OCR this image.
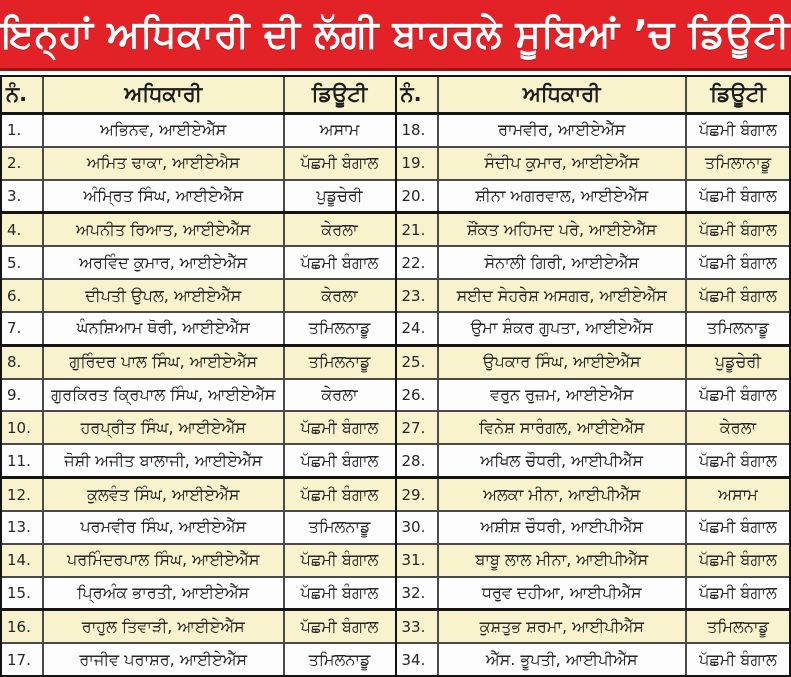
ਇਨ੍ਹਾਂ ਅਧਿਕਾਰੀ ਦੀ ਲੱਗੀ ਬਾਹਰਲੇ ਸੂਬਿਆਂ ’ਚ ਡਿਊਟੀ
ਨੰ.	ਅਧਿਕਾਰੀ	ਡਿਊਟੀ
1.	ਅਭਿਨਵ, ਆਈਏਐੱਸ	ਅਸਾਮ
2.	ਅਮਿਤ ਢਾਕਾ, ਆਈਏਐਸ	ਪੱਛਮੀ ਬੰਗਾਲ
3.	ਅੰਮ੍ਰਿਤ ਸਿੰਘ, ਆਈਏਐੱਸ	ਪੁਡੂਚੇਰੀ
4.	ਅਪਨੀਤ ਰਿਆਤ, ਆਈਏਐੱਸ	ਕੇਰਲਾ
5.	ਅਰਵਿੰਦ ਕੁਮਾਰ, ਆਈਏਐੱਸ	ਪੱਛਮੀ ਬੰਗਾਲ
6.	ਦੀਪਤੀ ਉਪਲ, ਆਈਏਐੱਸ	ਕੇਰਲਾ
7.	ਘੰਨਸ਼ਿਆਮ ਥੋਰੀ, ਆਈਏਐੱਸ	ਤਮਿਲਨਾਡੂ
8.	ਗੁਰਿੰਦਰ ਪਾਲ ਸਿੰਘ, ਆਈਏਐੱਸ	ਤਮਿਲਨਾਡੂ
9.	ਗੁਰਕਿਰਤ ਕ੍ਰਿਪਾਲ ਸਿੰਘ, ਆਈਏਐੱਸ	ਕੇਰਲਾ
10.	ਹਰਪ੍ਰੀਤ ਸਿੰਘ, ਆਈਏਐੱਸ	ਪੱਛਮੀ ਬੰਗਾਲ
11.	ਜੋਸ਼ੀ ਅਜੀਤ ਬਾਲਾਜੀ, ਆਈਏਐੱਸ	ਪੱਛਮੀ ਬੰਗਾਲ
12.	ਕੁਲਵੰਤ ਸਿੰਘ, ਆਈਏਐੱਸ	ਪੱਛਮੀ ਬੰਗਾਲ
13.	ਪਰਮਵੀਰ ਸਿੰਘ, ਆਈਏਐੱਸ	ਤਮਿਲਨਾਡੂ
14.	ਪਰਮਿੰਦਰਪਾਲ ਸਿੰਘ, ਆਈਏਐੱਸ	ਪੱਛਮੀ ਬੰਗਾਲ
15.	ਪ੍ਰਿਅੰਕ ਭਾਰਤੀ, ਆਈਏਐੱਸ	ਪੱਛਮੀ ਬੰਗਾਲ
16.	ਰਾਹੁਲ ਤਿਵਾੜੀ, ਆਈਏਐੱਸ	ਪੱਛਮੀ ਬੰਗਾਲ
17.	ਰਾਜੀਵ ਪਰਾਸ਼ਰ, ਆਈਏਐੱਸ	ਤਮਿਲਨਾਡੂ
ਨੰ.	ਅਧਿਕਾਰੀ	ਡਿਊਟੀ
18.	ਰਾਮਵੀਰ, ਆਈਏਐੱਸ	ਪੱਛਮੀ ਬੰਗਾਲ
19.	ਸੰਦੀਪ ਕੁਮਾਰ, ਆਈਏਐੱਸ	ਤਮਿਲਾਨਾਡੂ
20.	ਸ਼ੀਨਾ ਅਗਰਵਾਲ, ਆਈਏਐੱਸ	ਪੱਛਮੀ ਬੰਗਾਲ
21.	ਸ਼ੌਂਕਤ ਅਹਿਮਦ ਪਰੇ, ਆਈਏਐੱਸ	ਪੱਛਮੀ ਬੰਗਾਲ
22.	ਸੋਨਾਲੀ ਗਿਰੀ, ਆਈਏਐੱਸ	ਪੱਛਮੀ ਬੰਗਾਲ
23.	ਸਈਦ ਸੇਹਰੇਸ਼ ਅਸਗਰ, ਆਈਏਐੱਸ	ਪੱਛਮੀ ਬੰਗਾਲ
24.	ਉਮਾ ਸ਼ੰਕਰ ਗੁਪਤਾ, ਆਈਏਐੱਸ	ਤਮਿਲਨਾਡੂ
25.	ਉਪਕਾਰ ਸਿੰਘ, ਆਈਏਐੱਸ	ਪੁਡੂਚੇਰੀ
26.	ਵਰੁਨ ਰੁਜ਼ਮ, ਆਈਏਐੱਸ	ਪੱਛਮੀ ਬੰਗਾਲ
27.	ਵਿਨੇਸ਼ ਸਾਰੰਗਲ, ਆਈਏਐੱਸ	ਕੇਰਲਾ
28.	ਅਖਿਲ ਚੌਧਰੀ, ਆਈਪੀਐੱਸ	ਪੱਛਮੀ ਬੰਗਾਲ
29.	ਅਲਕਾ ਮੀਨਾ, ਆਈਪੀਐੱਸ	ਅਸਾਮ
30.	ਅਸ਼ੀਸ਼ ਚੌਧਰੀ, ਆਈਪੀਐੱਸ	ਪੱਛਮੀ ਬੰਗਾਲ
31.	ਬਾਬੂ ਲਾਲ ਮੀਨਾ, ਆਈਪੀਐੱਸ	ਪੱਛਮੀ ਬੰਗਾਲ
32.	ਧਰੁਵ ਦਹੀਆ, ਆਈਪੀਐੱਸ	ਪੱਛਮੀ ਬੰਗਾਲ
33.	ਕੁਸ਼ਤੁਭ ਸ਼ਰਮਾ, ਆਈਪੀਐੱਸ	ਤਮਿਲਨਾਡੂ
34.	ਐੱਸ. ਭੂਪਤੀ, ਆਈਪੀਐੱਸ	ਪੱਛਮੀ ਬੰਗਾਲ
